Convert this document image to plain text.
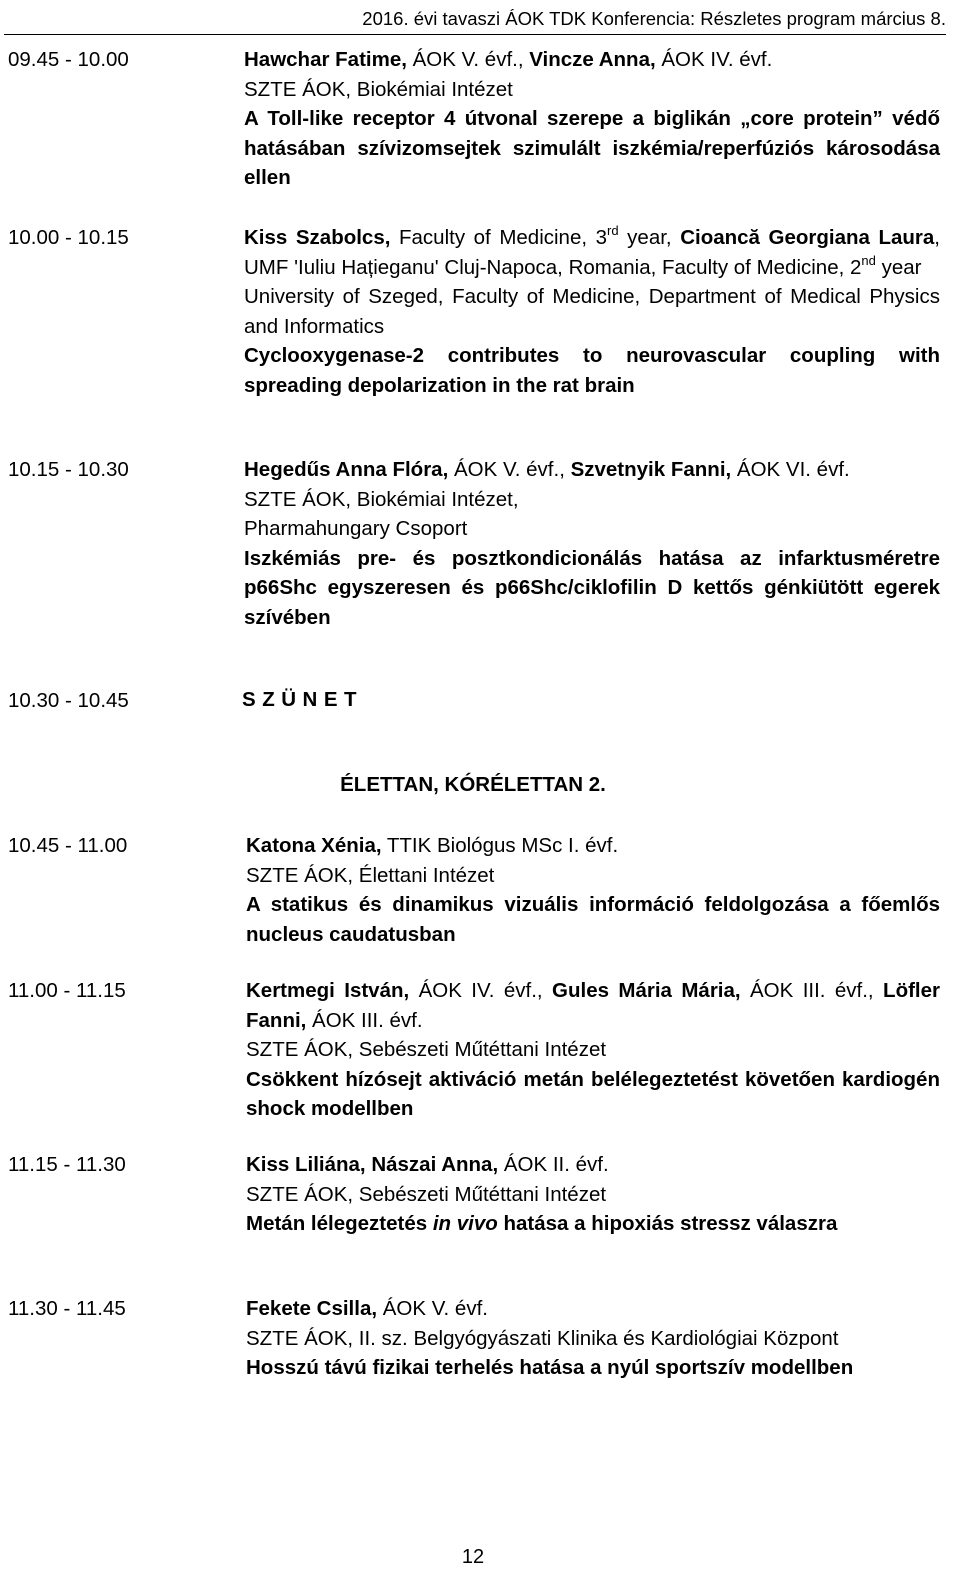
2016. évi tavaszi ÁOK TDK Konferencia: Részletes program március 8.
09.45 - 10.00	Hawchar Fatime, ÁOK V. évf., Vincze Anna, ÁOK IV. évf.

SZTE ÁOK, Biokémiai Intézet

A Toll-like receptor 4 útvonal szerepe a biglikán „core protein” védő hatásában szívizomsejtek szimulált iszkémia/reperfúziós károsodása ellen

10.00 - 10.15	Kiss Szabolcs, Faculty of Medicine, 3rd year, Cioancă Georgiana Laura, UMF 'Iuliu Hațieganu' Cluj-Napoca, Romania, Faculty of Medicine, 2nd year

University of Szeged, Faculty of Medicine, Department of Medical Physics and Informatics

Cyclooxygenase-2 contributes to neurovascular coupling with spreading depolarization in the rat brain

10.15 - 10.30	Hegedűs Anna Flóra, ÁOK V. évf., Szvetnyik Fanni, ÁOK VI. évf.

SZTE ÁOK, Biokémiai Intézet,

Pharmahungary Csoport

Iszkémiás pre- és posztkondicionálás hatása az infarktusméretre p66Shc egyszeresen és p66Shc/ciklofilin D kettős génkiütött egerek szívében

10.30 - 10.45	S Z Ü N E T
ÉLETTAN, KÓRÉLETTAN 2.
10.45 - 11.00	Katona Xénia, TTIK Biológus MSc I. évf.

SZTE ÁOK, Élettani Intézet

A statikus és dinamikus vizuális információ feldolgozása a főemlős nucleus caudatusban

11.00 - 11.15	Kertmegi István, ÁOK IV. évf., Gules Mária Mária, ÁOK III. évf., Löfler Fanni, ÁOK III. évf.

SZTE ÁOK, Sebészeti Műtéttani Intézet

Csökkent hízósejt aktiváció metán belélegeztetést követően kardiogén shock modellben

11.15 - 11.30	Kiss Liliána, Nászai Anna, ÁOK II. évf.

SZTE ÁOK, Sebészeti Műtéttani Intézet

Metán lélegeztetés in vivo hatása a hipoxiás stressz válaszra

11.30 - 11.45	Fekete Csilla, ÁOK V. évf.

SZTE ÁOK, II. sz. Belgyógyászati Klinika és Kardiológiai Központ

Hosszú távú fizikai terhelés hatása a nyúl sportszív modellben

12
